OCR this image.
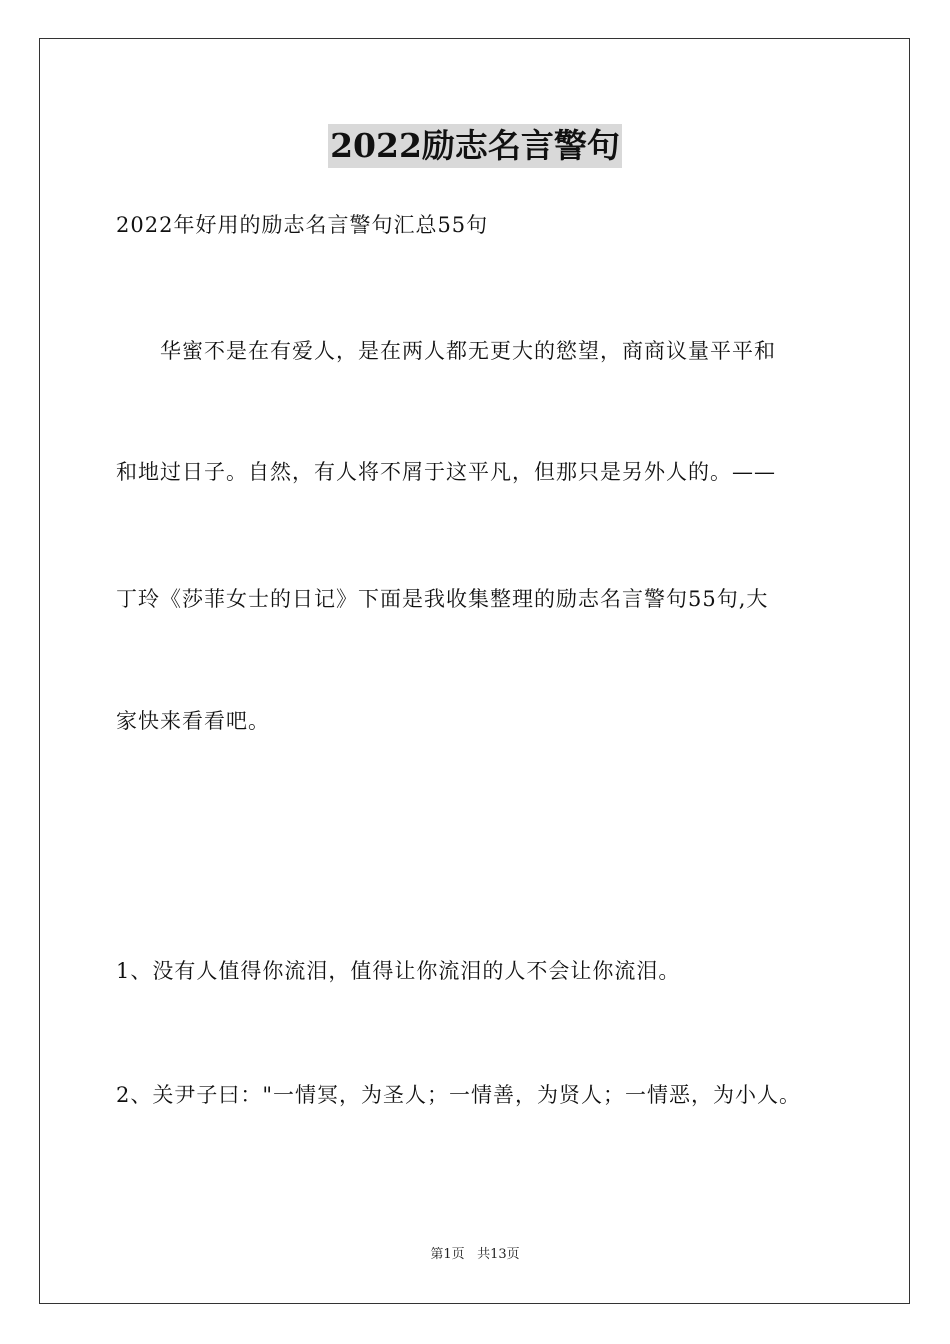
2022励志名言警句
2022年好用的励志名言警句汇总55句
华蜜不是在有爱人，是在两人都无更大的慾望，商商议量平平和
和地过日子。自然，有人将不屑于这平凡，但那只是另外人的。——
丁玲《莎菲女士的日记》下面是我收集整理的励志名言警句55句,大
家快来看看吧。
1、没有人值得你流泪，值得让你流泪的人不会让你流泪。
2、关尹子曰："一情冥，为圣人；一情善，为贤人；一情恶，为小人。
第1页 共13页
